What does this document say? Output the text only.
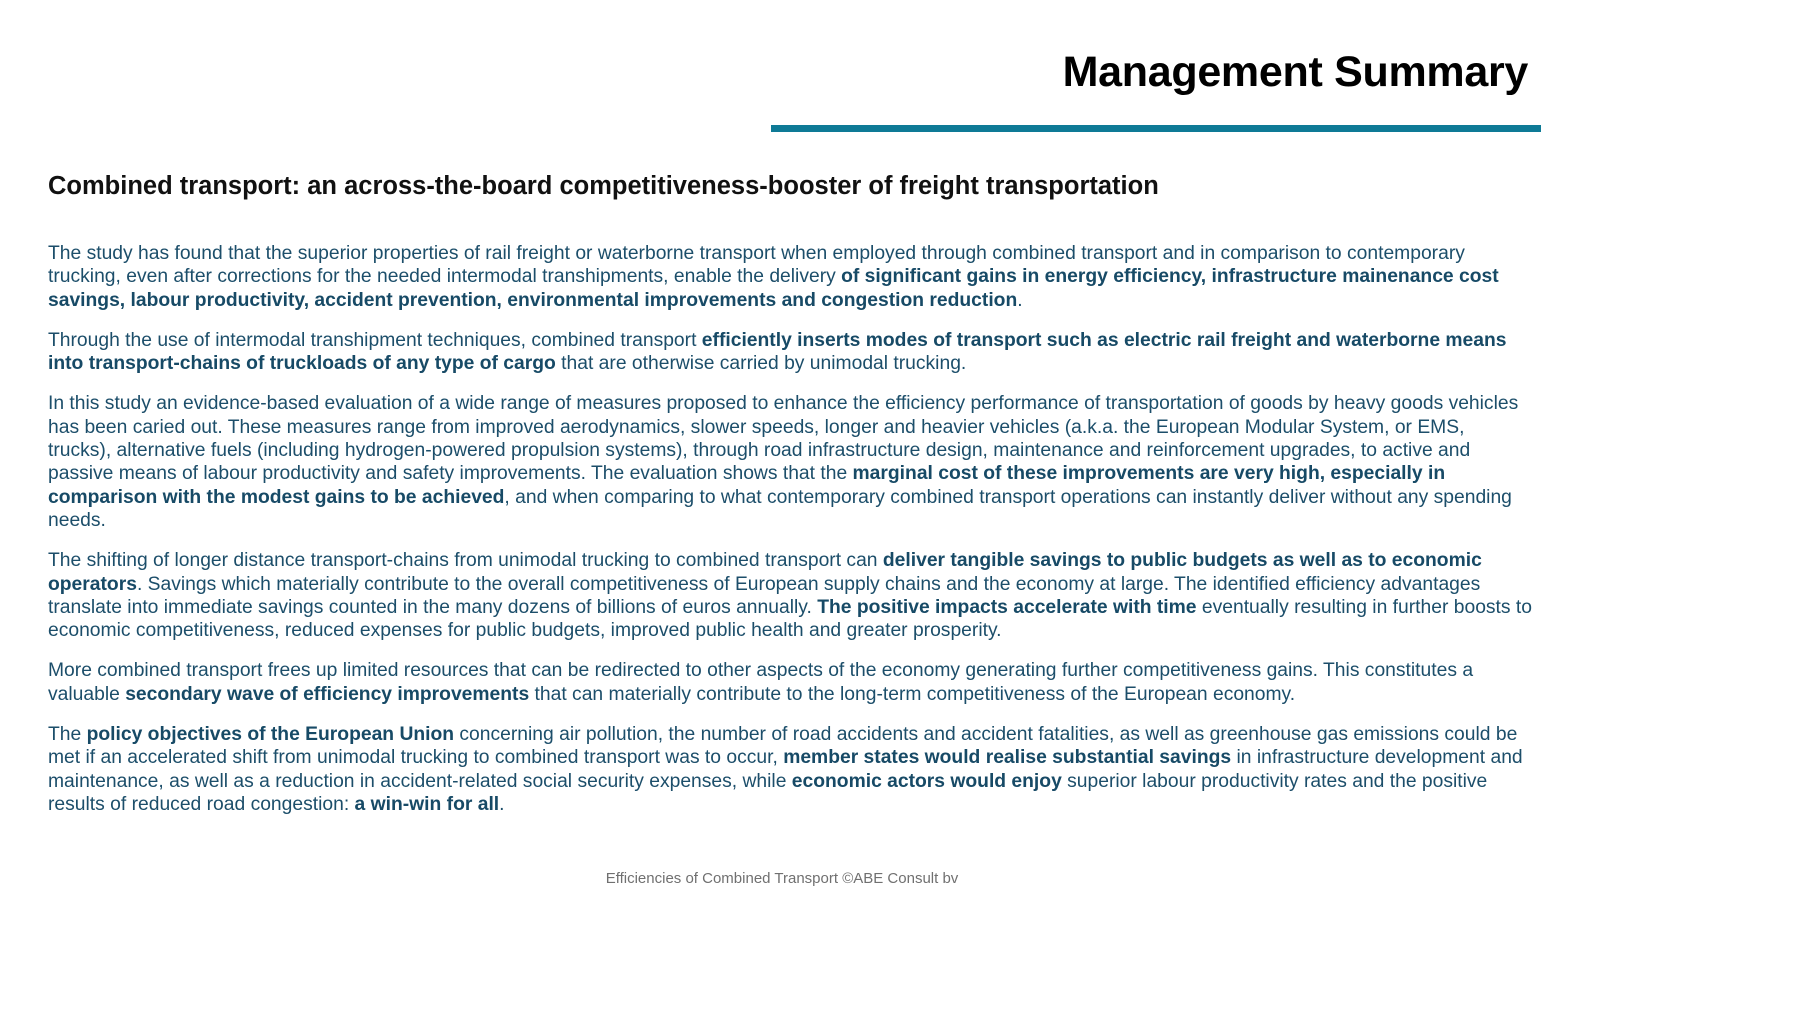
Management Summary
Combined transport: an across-the-board competitiveness-booster of freight transportation

The study has found that the superior properties of rail freight or waterborne transport when employed through combined transport and in comparison to contemporary trucking, even after corrections for the needed intermodal transhipments, enable the delivery of significant gains in energy efficiency, infrastructure mainenance cost savings, labour productivity, accident prevention, environmental improvements and congestion reduction.

Through the use of intermodal transhipment techniques, combined transport efficiently inserts modes of transport such as electric rail freight and waterborne means into transport-chains of truckloads of any type of cargo that are otherwise carried by unimodal trucking.

In this study an evidence-based evaluation of a wide range of measures proposed to enhance the efficiency performance of transportation of goods by heavy goods vehicles has been caried out. These measures range from improved aerodynamics, slower speeds, longer and heavier vehicles (a.k.a. the European Modular System, or EMS, trucks), alternative fuels (including hydrogen-powered propulsion systems), through road infrastructure design, maintenance and reinforcement upgrades, to active and passive means of labour productivity and safety improvements. The evaluation shows that the marginal cost of these improvements are very high, especially in comparison with the modest gains to be achieved, and when comparing to what contemporary combined transport operations can instantly deliver without any spending needs.

The shifting of longer distance transport-chains from unimodal trucking to combined transport can deliver tangible savings to public budgets as well as to economic operators. Savings which materially contribute to the overall competitiveness of European supply chains and the economy at large. The identified efficiency advantages translate into immediate savings counted in the many dozens of billions of euros annually. The positive impacts accelerate with time eventually resulting in further boosts to economic competitiveness, reduced expenses for public budgets, improved public health and greater prosperity.

More combined transport frees up limited resources that can be redirected to other aspects of the economy generating further competitiveness gains. This constitutes a valuable secondary wave of efficiency improvements that can materially contribute to the long-term competitiveness of the European economy.

The policy objectives of the European Union concerning air pollution, the number of road accidents and accident fatalities, as well as greenhouse gas emissions could be met if an accelerated shift from unimodal trucking to combined transport was to occur, member states would realise substantial savings in infrastructure development and maintenance, as well as a reduction in accident-related social security expenses, while economic actors would enjoy superior labour productivity rates and the positive results of reduced road congestion: a win-win for all.

Efficiencies of Combined Transport ©ABE Consult bv
